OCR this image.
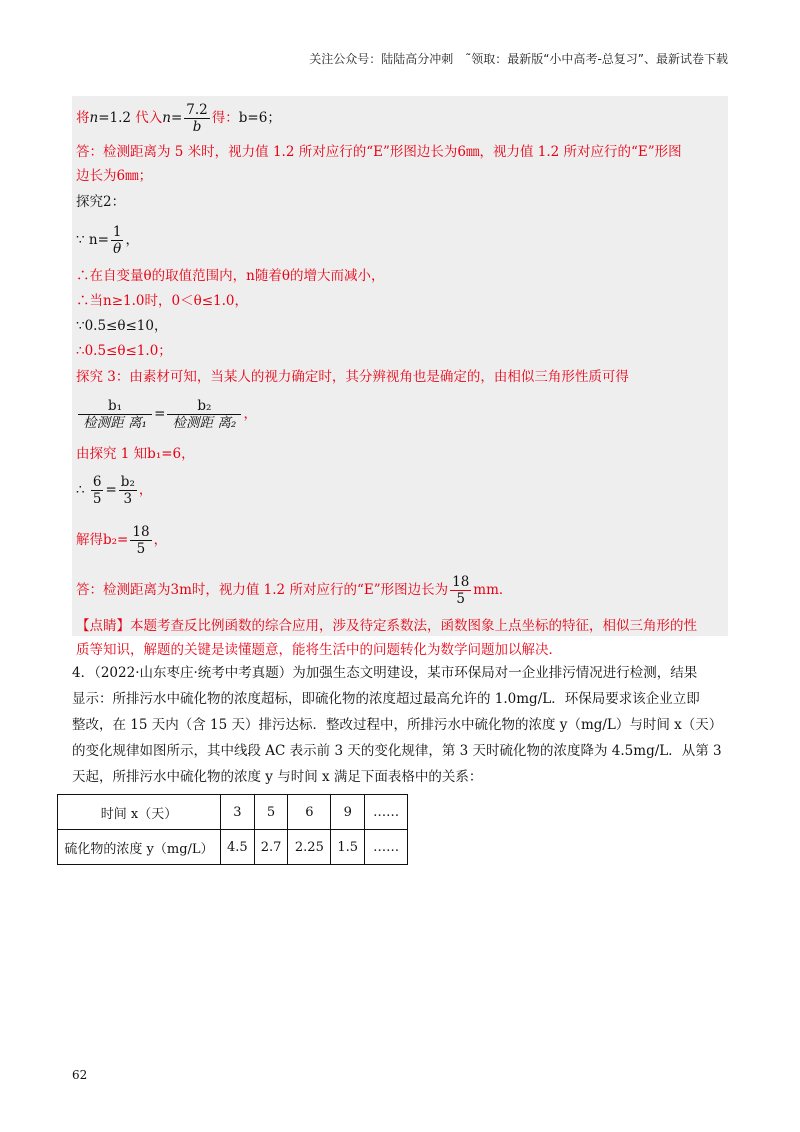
关注公众号：陆陆高分冲刺　˜领取：最新版“小中高考-总复习”、最新试卷下载
将n=1.2 代入$n= \frac{7.2}{b}$ 得：b=6；
答：检测距离为 5 米时，视力值 1.2 所对应行的“E”形图边长为6㎜，视力值 1.2 所对应行的“E”形图
边长为6㎜；
探究2：
∵ $n= \frac{1}{\theta}$ ，
∴在自变量θ的取值范围内，n随着θ的增大而减小，
∴当n≥1.0时，0＜θ≤1.0，
∵0.5≤θ≤10，
∴0.5≤θ≤1.0；
探究 3：由素材可知，当某人的视力确定时，其分辨视角也是确定的，由相似三角形性质可得
$\frac{\text{b₁}}{\text{检测距 离₁}} = \frac{\text{b₂}}{\text{检测距 离₂}}$ ，
由探究 1 知b₁=6，
∴ $\frac{6}{5} = \frac{\text{b₂}}{3}$ ，
解得$b_2= \frac{18}{5}$ ，
答：检测距离为3m时，视力值 1.2 所对应行的“E”形图边长为 $\frac{18}{5}$ mm．
【点睛】本题考查反比例函数的综合应用，涉及待定系数法，函数图象上点坐标的特征，相似三角形的性
质等知识，解题的关键是读懂题意，能将生活中的问题转化为数学问题加以解决．
4．（2022·山东枣庄·统考中考真题）为加强生态文明建设，某市环保局对一企业排污情况进行检测，结果
显示：所排污水中硫化物的浓度超标，即硫化物的浓度超过最高允许的 1.0mg/L．环保局要求该企业立即
整改，在 15 天内（含 15 天）排污达标．整改过程中，所排污水中硫化物的浓度 y（mg/L）与时间 x（天）
的变化规律如图所示，其中线段 AC 表示前 3 天的变化规律，第 3 天时硫化物的浓度降为 4.5mg/L．从第 3
天起，所排污水中硫化物的浓度 y 与时间 x 满足下面表格中的关系：
时间 x（天）	3	5	6	9	……
硫化物的浓度 y（mg/L）	4.5	2.7	2.25	1.5	……
62
